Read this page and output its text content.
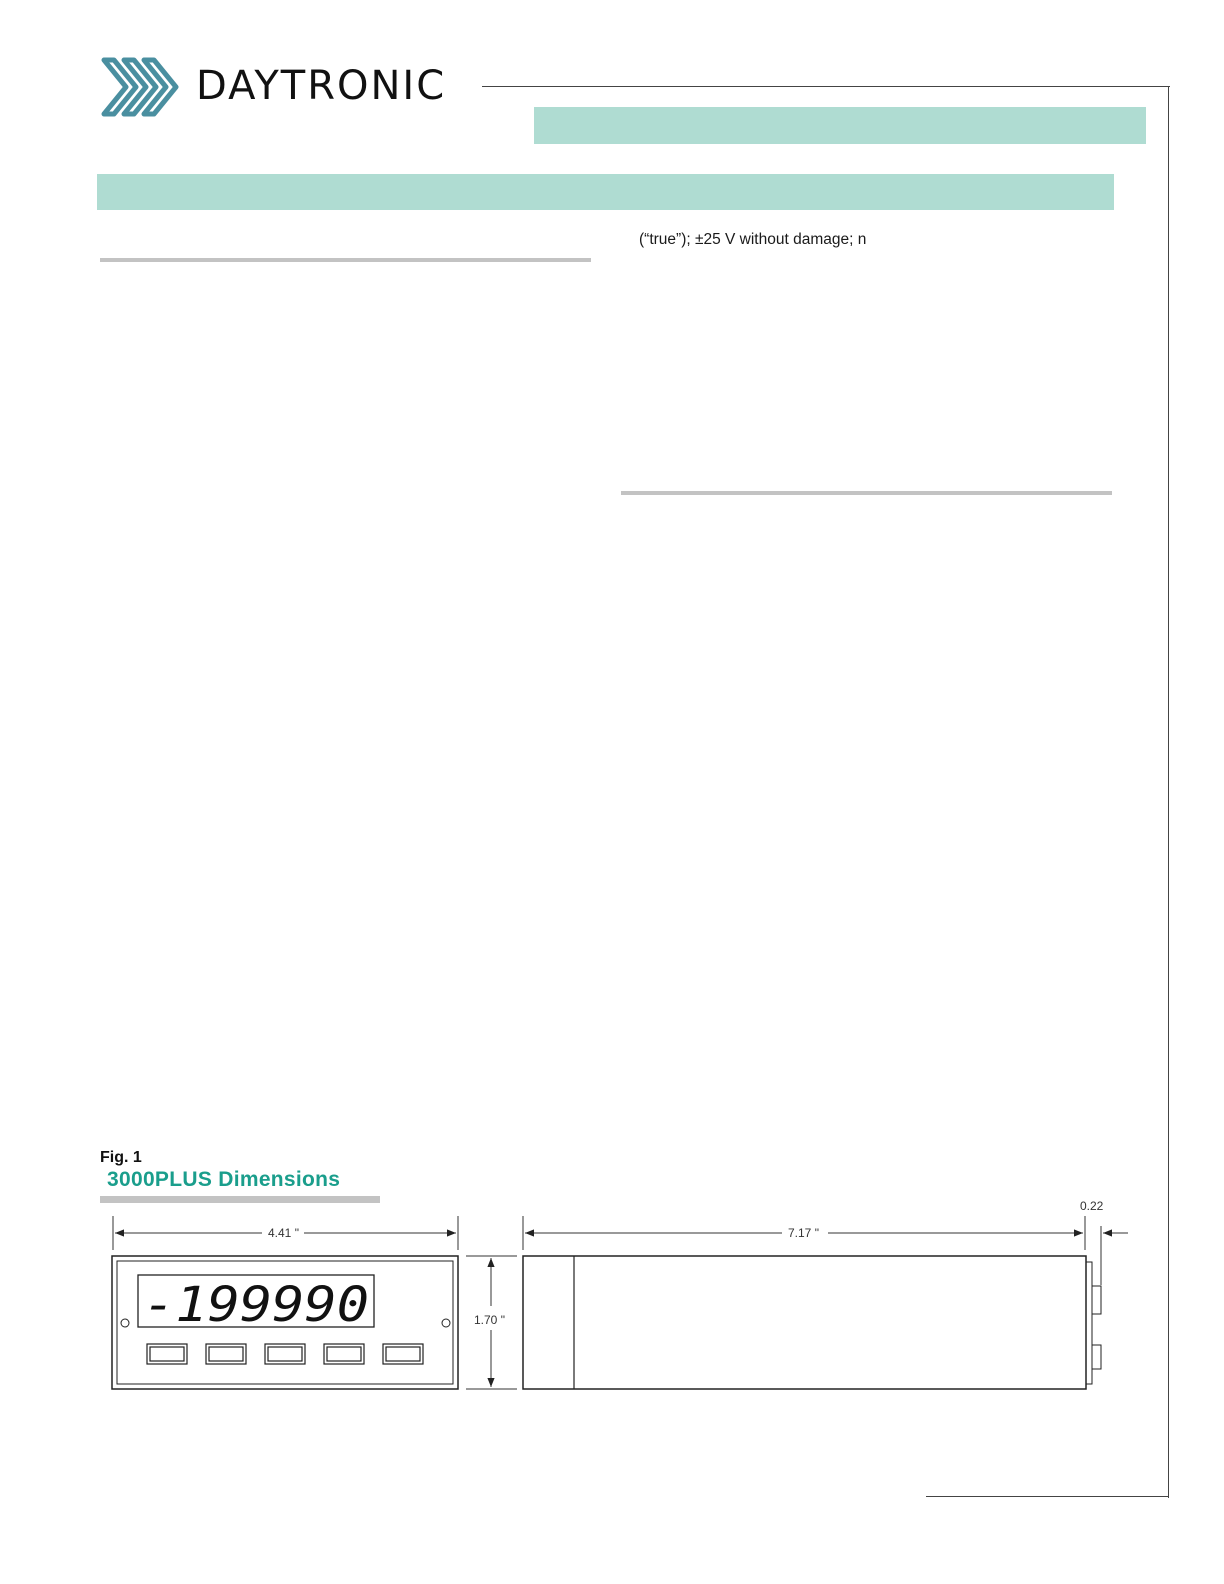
DAYTRONIC
(“true”); ±25 V without damage; n
Fig. 1
3000PLUS Dimensions
4.41 "
-199990	1.70 "
7.17 "
0.22
